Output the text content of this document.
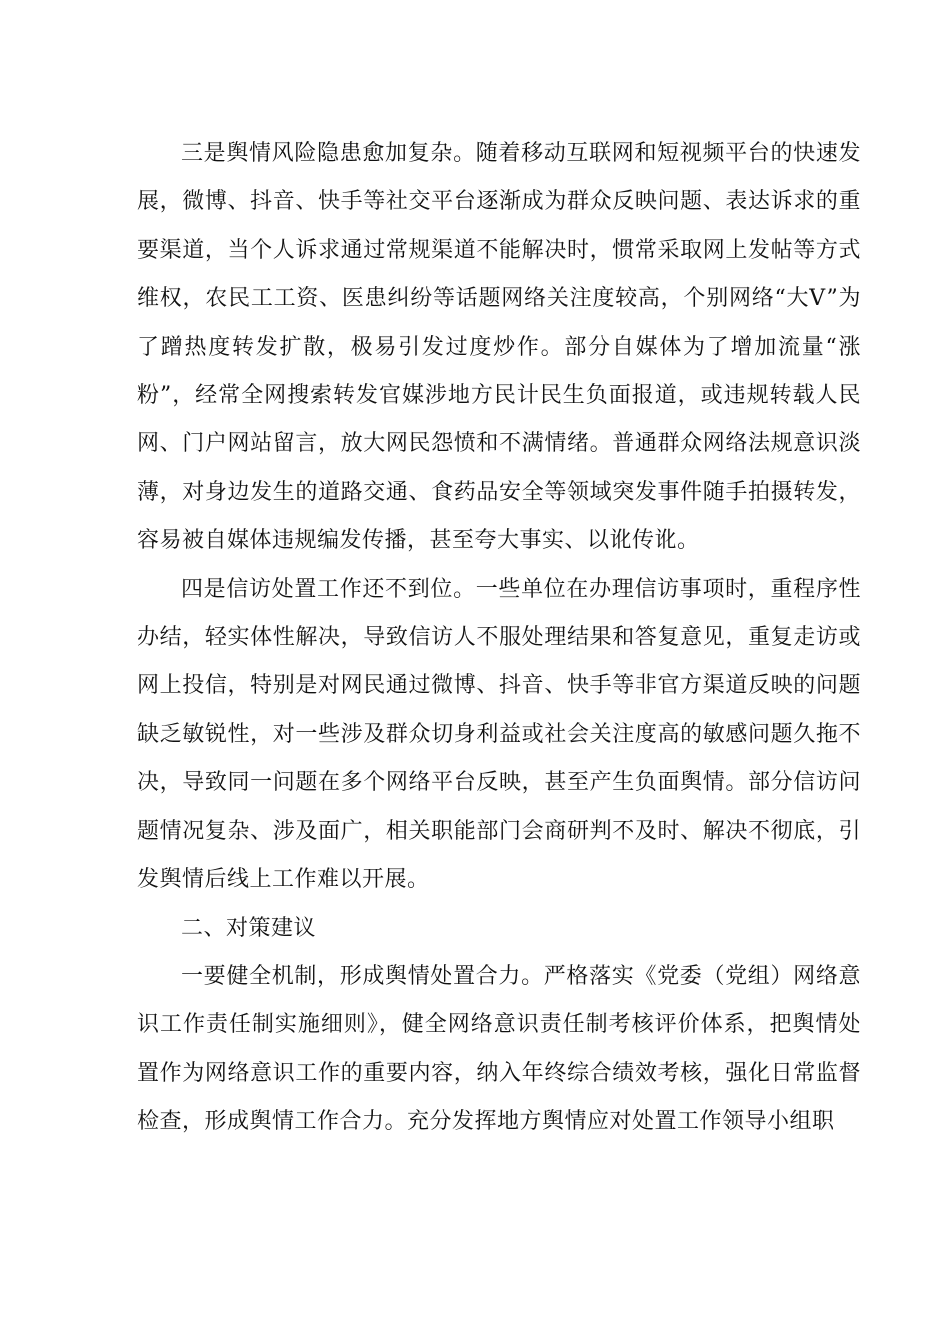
三是舆情风险隐患愈加复杂。随着移动互联网和短视频平台的快速发展，微博、抖音、快手等社交平台逐渐成为群众反映问题、表达诉求的重要渠道，当个人诉求通过常规渠道不能解决时，惯常采取网上发帖等方式维权，农民工工资、医患纠纷等话题网络关注度较高，个别网络“大V”为了蹭热度转发扩散，极易引发过度炒作。部分自媒体为了增加流量“涨粉”，经常全网搜索转发官媒涉地方民计民生负面报道，或违规转载人民网、门户网站留言，放大网民怨愤和不满情绪。普通群众网络法规意识淡薄，对身边发生的道路交通、食药品安全等领域突发事件随手拍摄转发，容易被自媒体违规编发传播，甚至夸大事实、以讹传讹。

四是信访处置工作还不到位。一些单位在办理信访事项时，重程序性办结，轻实体性解决，导致信访人不服处理结果和答复意见，重复走访或网上投信，特别是对网民通过微博、抖音、快手等非官方渠道反映的问题缺乏敏锐性，对一些涉及群众切身利益或社会关注度高的敏感问题久拖不决，导致同一问题在多个网络平台反映，甚至产生负面舆情。部分信访问题情况复杂、涉及面广，相关职能部门会商研判不及时、解决不彻底，引发舆情后线上工作难以开展。

二、对策建议

一要健全机制，形成舆情处置合力。严格落实《党委（党组）网络意识工作责任制实施细则》，健全网络意识责任制考核评价体系，把舆情处置作为网络意识工作的重要内容，纳入年终综合绩效考核，强化日常监督检查，形成舆情工作合力。充分发挥地方舆情应对处置工作领导小组职
